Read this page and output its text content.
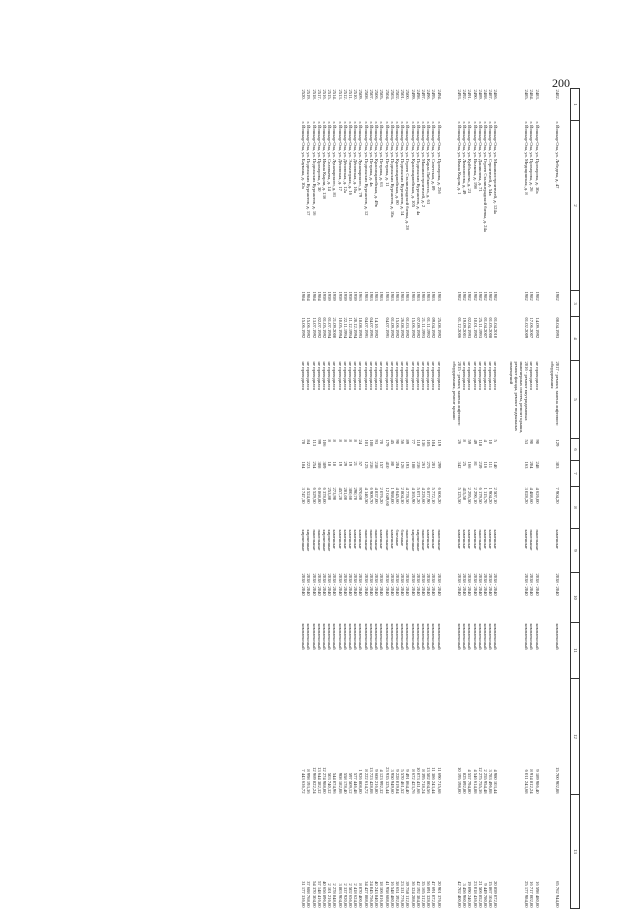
200
1	2	3	4	5	6	7	8	9	10	11	12	13

2482.	г. Йошкар-Ола, ул. Лебедева, д. 47	1982	08.04.1993	2017 - ремонт, замена лифтового оборудования	129	303	7 904,20	каменные	2038 - 2040	комплексный	15 700 902,88	65 762 944,00

2483.	г. Йошкар-Ола, ул. Прохорова, д. 30а	1982	14.09.1992	не проводился	90	248	4 626,00	панельные	2038 - 2040	комплексный	9 189 986,40	16 598 480,00
2484.	г. Йошкар-Ола, ул. Прохорова, д. 26	1982	17.06.2007	не проводился	90	204	4 488,60	панельные	2038 - 2040	комплексный	8 914 812,24	16 717 002,00
2485.	г. Йошкар-Ола, ул. Медицинская, д. 8	1982	01.02.2009	2016 - ремонт внутридомовых инженерных систем, ремонт крыши, ремонт фасада, ремонт подвальных помещений	53	163	3 028,20	каменные	2038 - 2040	комплексный	6 011 243,68	25 177 984,00

2486.	г. Йошкар-Ола, ул. Машиностроителей, д. 124а	1982	01.04.2010	не проводился	5	140	2 507,10	каменные	2038 - 2040	комплексный	4 980 103,44	20 859 072,00
2487.	г. Йошкар-Ола, ул. Строителей, д. 54в	1982	01.05.2008	не проводился	10	111	1 904,20	каменные	2038 - 2040	комплексный	3 783 496,08	15 867 104,00
2488.	г. Йошкар-Ола, ул. Героев Сталинградской битвы, д. 24а	1982	01.04.2007	не проводился	4	116	1 115,70	каменные	2038 - 2040	комплексный	2 255 954,48	9 449 780,00
2489.	г. Йошкар-Ола, ул. Даниилова, д. 71	1982	25.11.1993	не проводился	118	239	6 179,50	панельные	2038 - 2040	комплексный	12 275 755,36	21 506 852,00
2490.	г. Йошкар-Ола, ул. Волкова, д. 198	1982	10.01.1992	не проводился	49	81	2 290,10	каменные	2038 - 2040	комплексный	4 546 614,88	23 018 436,00
2491.	г. Йошкар-Ола, ул. Куйбышева, д. 23	1982	02.04.1993	не проводился	59	166	2 295,50	каменные	2038 - 2040	комплексный	4 557 794,80	19 090 240,00
2492.	г. Йошкар-Ола, ул. Ломоносова, д. 49	1982	19.09.2001	не проводился	8	25	415,50	каменные	2038 - 2040	комплексный	825 892,80	3 456 960,00
2493.	г. Йошкар-Ола, ул. Ивана Кырли, д. 1	1982	01.12.2006	2015 - ремонт, замена лифтового оборудования, ремонт крыши	26	342	5 125,50	каменные	2038 - 2040	комплексный	10 195 198,00	42 702 400,00

2494.	г. Йошкар-Ола, ул. Прохорова, д. 25б	1983	25.08.1992	не проводился	119	299	6 606,20	панельные	2038 - 2040	комплексный	11 690 715,68	20 901 376,00
2495.	г. Йошкар-Ола, ул. Советская, д. 89	1983	09.04.1992	не проводился	104	201	5 772,10	каменные	2038 - 2040	комплексный	11 386 243,44	47 691 072,00
2496.	г. Йошкар-Ола, ул. Карла Либкнехта, д. 63	1983	01.11.1992	не проводился	105	275	6 877,90	каменные	2038 - 2040	комплексный	13 582 804,56	56 891 328,00
2497.	г. Йошкар-Ола, ул. Машиностроителей, д. 2	1983	21.11.1993	не проводился	136	261	4 226,60	панельные	2038 - 2040	комплексный	8 395 718,24	35 165 312,00
2498.	г. Йошкар-Ола, ул. Подольских Курсантов, д. 4а	1983	07.09.1992	не проводился	118	236	5 071,20	кирпичные	2038 - 2040	комплексный	10 073 431,68	42 192 384,00
2499.	г. Йошкар-Ола, ул. Красноармейская, д. 105	1983	15.06.1992	не проводился	77	188	4 365,90	кирпичные	2038 - 2040	комплексный	8 672 423,76	36 324 288,00
2500.	г. Йошкар-Ола, ул. Героев Сталинградской битвы, д. 28	1983	01.03.1992	не проводился	89	193	4 778,50	панельные	2038 - 2040	комплексный	9 491 864,40	39 758 112,00
2501.	г. Йошкар-Ола, ул. Подольских Курсантов, д. 14	1983	26.08.1992	не проводился	56	126	2 804,30	блочные	2038 - 2040	комплексный	5 570 461,52	23 331 776,00
2502.	г. Йошкар-Ола, ул. Красноармейская, д. 80	1983	15.06.1992	не проводился	90	204	4 645,60	блочные	2038 - 2040	комплексный	9 228 019,84	38 651 392,00
2503.	г. Йошкар-Ола, ул. Подольских Курсантов, д. 10а	1983	01.09.1992	не проводился	45	80	1 988,00	каменные	2038 - 2040	комплексный	3 950 949,60	16 548 480,00
2504.	г. Йошкар-Ола, ул. Петрова, д. 11	1983	04.07.1991	не проводился	179	410	12 049,60	панельные	2038 - 2040	комплексный	23 935 325,44	41 958 688,00
2505.	г. Йошкар-Ола, ул. Петрова, д. 63	1983		не проводился	70	157	2 076,20	каменные	2038 - 2040	комплексный	4 123 992,32	18 106 816,00
2506.	г. Йошкар-Ола, ул. Красноармейская, д. 49в	1983	14.10.1992	не проводился	93	238	4 837,00	панельные	2038 - 2040	комплексный	9 608 216,80	40 243 840,00
2507.	г. Йошкар-Ола, ул. Петрова, д. 4в	1983	04.07.1991	не проводился	108	236	6 909,70	панельные	2038 - 2040	комплексный	13 723 428,08	24 045 756,00
2508.	г. Йошкар-Ола, ул. Подольских Курсантов, д. 12	1983	04.07.1991	не проводился	101	125	4 140,50	панельные	2038 - 2040	комплексный	8 222 614,72	34 427 888,00
2509.	г. Йошкар-Ола, ул. Луначарского, д. 79	1963	18.08.1993	не проводился	24	57	970,00	каменные	2038 - 2040	комплексный	1 926 808,00	8 070 400,00
2510.	г. Йошкар-Ола, ул. Дѐповская, д. 10а	1959	20.12.1994	не проводился	8	21	290,70	каменные	2038 - 2040	комплексный	577 446,48	2 418 624,00
2511.	г. Йошкар-Ола, ул. Элеваторная, д. 16	1959	11.12.1994	не проводился	8	19	300,60	каменные	2038 - 2040	комплексный	597 509,12	2 502 656,00
2512.	г. Йошкар-Ола, ул. Дѐповская, д. 12а	1959	22.11.1994	не проводился	8	29	281,00	каменные	2038 - 2040	комплексный	558 178,40	2 337 920,00
2513.	г. Йошкар-Ола, ул. Дѐповская, д. 17	1959	10.05.1994	не проводился	8	19	457,20	каменные	2038 - 2040	комплексный	908 182,08	3 803 904,00
2514.	г. Йошкар-Ола, ул. Луначарского, д. 81	1959	21.09.2000	не проводился	8	18	273,90	каменные	2038 - 2040	комплексный	544 074,96	2 278 848,00
2515.	г. Йошкар-Ола, ул. Соловьева, д. 14	1959	01.07.1994	не проводился	8	18	253,80	кирпичные	2038 - 2040	комплексный	503 740,32	2 101 216,00
2516.	г. Йошкар-Ола, ул. Ивана Кырли, д. 13б	1959	01.05.1992	не проводился	106	309	6 378,00	кирпичные	2038 - 2040	комплексный	12 274 988,00	40 656 896,00
2517.	г. Йошкар-Ола, ул. Прохорова, д. 30	1984	02.07.1992	не проводился	99	308	6 868,80	панельные	2038 - 2040	комплексный	13 644 382,32	57 148 416,00
2518.	г. Йошкар-Ола, ул. Подольских Курсантов, д. 16	1984	13.07.1992	не проводился	113	254	6 529,50	панельные	2038 - 2040	комплексный	12 969 822,24	54 370 304,00
2519.	г. Йошкар-Ола, ул. Подольских Курсантов, д. 17	1984	15.06.1992	не проводился	84	223	4 524,60	кирпичные	2038 - 2040	комплексный	8 998 193,36	37 688 768,00
2520.	г. Йошкар-Ола, ул. Баумана, д. 10а	1984	15.06.1992	не проводился	78	184	3 747,30	кирпичные	2038 - 2040	комплексный	7 443 636,72	31 177 336,00
